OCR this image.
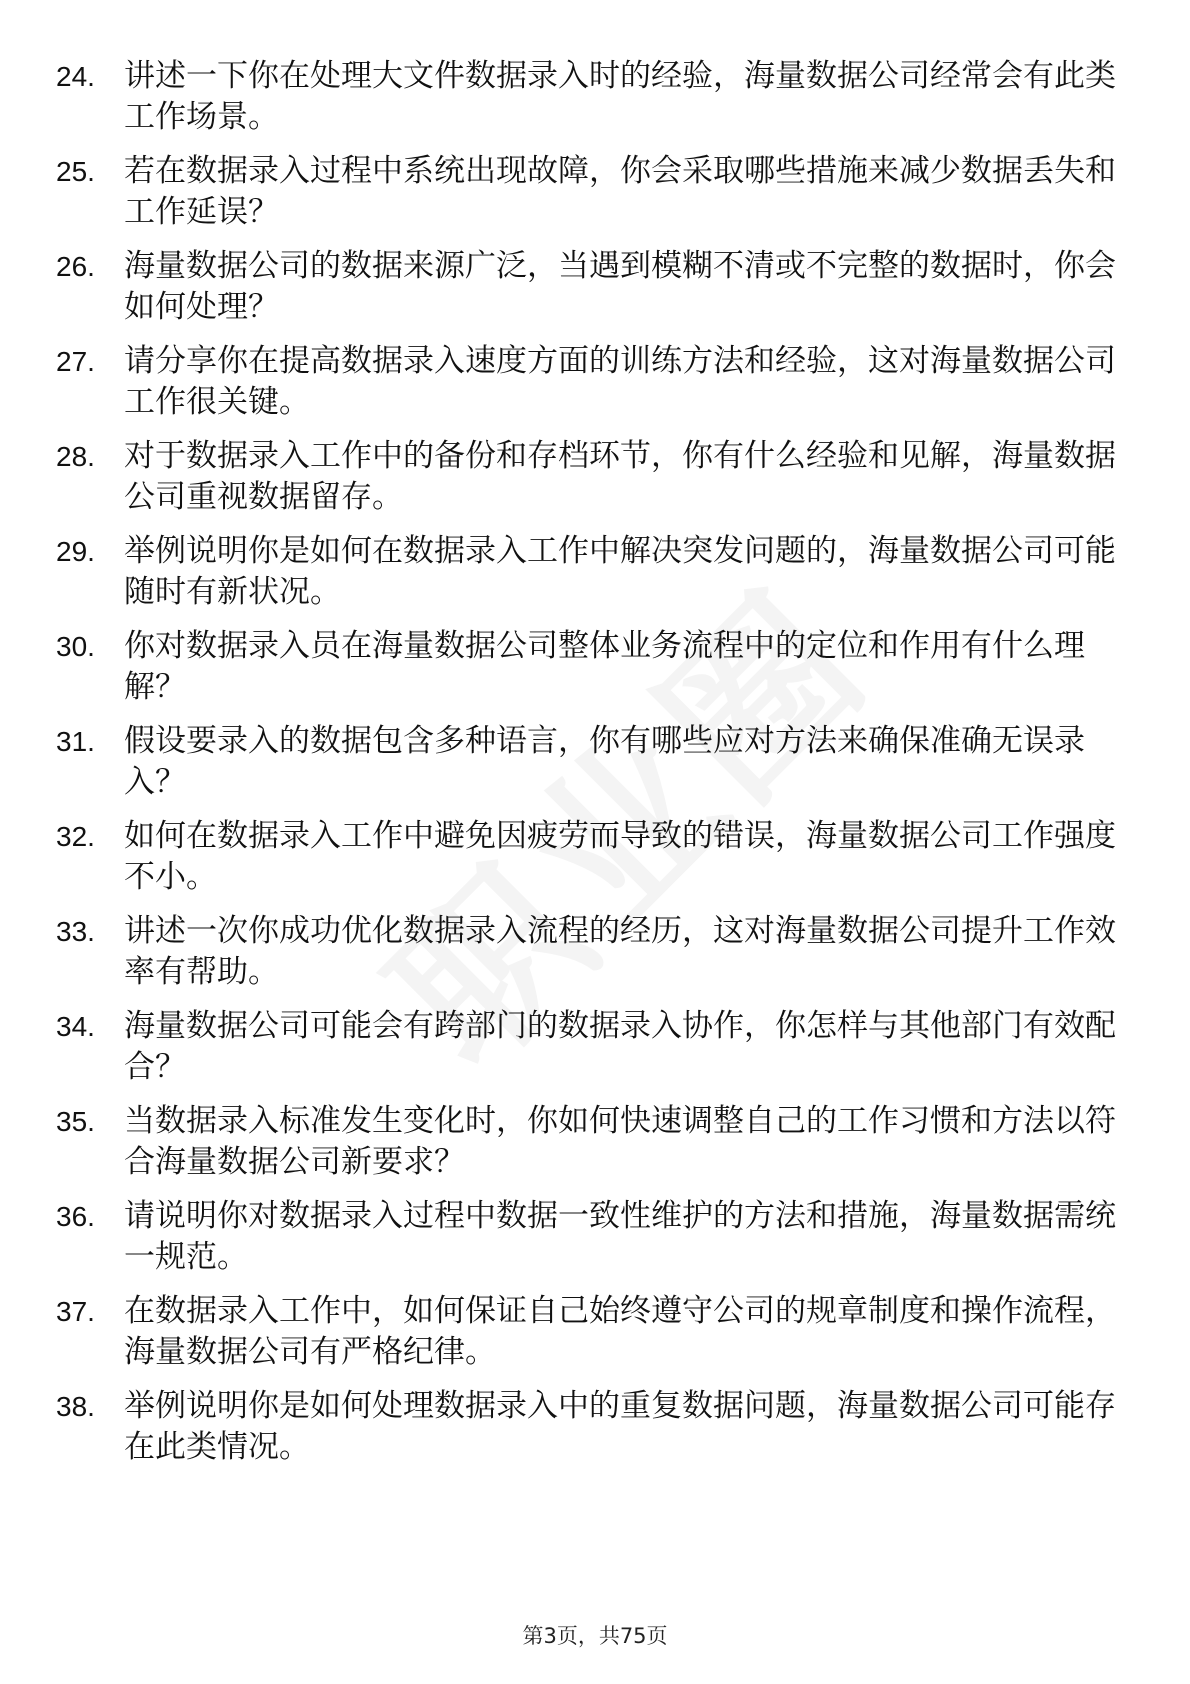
24. 讲述一下你在处理大文件数据录入时的经验，海量数据公司经常会有此类工作场景。
25. 若在数据录入过程中系统出现故障，你会采取哪些措施来减少数据丢失和工作延误？
26. 海量数据公司的数据来源广泛，当遇到模糊不清或不完整的数据时，你会如何处理？
27. 请分享你在提高数据录入速度方面的训练方法和经验，这对海量数据公司工作很关键。
28. 对于数据录入工作中的备份和存档环节，你有什么经验和见解，海量数据公司重视数据留存。
29. 举例说明你是如何在数据录入工作中解决突发问题的，海量数据公司可能随时有新状况。
30. 你对数据录入员在海量数据公司整体业务流程中的定位和作用有什么理解？
31. 假设要录入的数据包含多种语言，你有哪些应对方法来确保准确无误录入？
32. 如何在数据录入工作中避免因疲劳而导致的错误，海量数据公司工作强度不小。
33. 讲述一次你成功优化数据录入流程的经历，这对海量数据公司提升工作效率有帮助。
34. 海量数据公司可能会有跨部门的数据录入协作，你怎样与其他部门有效配合？
35. 当数据录入标准发生变化时，你如何快速调整自己的工作习惯和方法以符合海量数据公司新要求？
36. 请说明你对数据录入过程中数据一致性维护的方法和措施，海量数据需统一规范。
37. 在数据录入工作中，如何保证自己始终遵守公司的规章制度和操作流程，海量数据公司有严格纪律。
38. 举例说明你是如何处理数据录入中的重复数据问题，海量数据公司可能存在此类情况。
第3页，共75页
